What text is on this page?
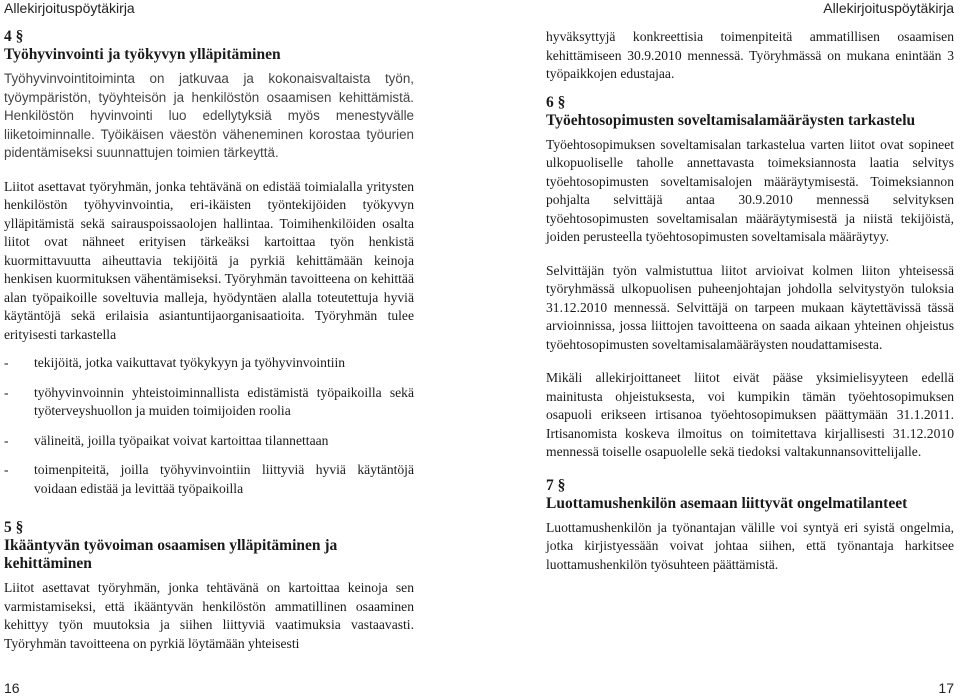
Allekirjoituspöytäkirja
4 §
Työhyvinvointi ja työkyvyn ylläpitäminen

Työhyvinvointitoiminta on jatkuvaa ja kokonaisvaltaista työn, työympäristön, työyhteisön ja henkilöstön osaamisen kehittämistä. Henkilöstön hyvinvointi luo edellytyksiä myös menestyvälle liiketoiminnalle. Työikäisen väestön väheneminen korostaa työurien pidentämiseksi suunnattujen toimien tärkeyttä.

Liitot asettavat työryhmän, jonka tehtävänä on edistää toimialalla yritysten henkilöstön työhyvinvointia, eri-ikäisten työntekijöiden työkyvyn ylläpitämistä sekä sairauspoissaolojen hallintaa. Toimihenkilöiden osalta liitot ovat nähneet erityisen tärkeäksi kartoittaa työn henkistä kuormittavuutta aiheuttavia tekijöitä ja pyrkiä kehittämään keinoja henkisen kuormituksen vähentämiseksi. Työryhmän tavoitteena on kehittää alan työpaikoille soveltuvia malleja, hyödyntäen alalla toteutettuja hyviä käytäntöjä sekä erilaisia asiantuntijaorganisaatioita. Työryhmän tulee erityisesti tarkastella

- tekijöitä, jotka vaikuttavat työkykyyn ja työhyvinvointiin
- työhyvinvoinnin yhteistoiminnallista edistämistä työpaikoilla sekä työterveyshuollon ja muiden toimijoiden roolia
- välineitä, joilla työpaikat voivat kartoittaa tilannettaan
- toimenpiteitä, joilla työhyvinvointiin liittyviä hyviä käytäntöjä voidaan edistää ja levittää työpaikoilla
5 §
Ikääntyvän työvoiman osaamisen ylläpitäminen ja kehittäminen

Liitot asettavat työryhmän, jonka tehtävänä on kartoittaa keinoja sen varmistamiseksi, että ikääntyvän henkilöstön ammatillinen osaaminen kehittyy työn muutoksia ja siihen liittyviä vaatimuksia vastaavasti. Työryhmän tavoitteena on pyrkiä löytämään yhteisesti

16
Allekirjoituspöytäkirja

hyväksyttyjä konkreettisia toimenpiteitä ammatillisen osaamisen kehittämiseen 30.9.2010 mennessä. Työryhmässä on mukana enintään 3 työpaikkojen edustajaa.

6 §
Työehtosopimusten soveltamisalamääräysten tarkastelu

Työehtosopimuksen soveltamisalan tarkastelua varten liitot ovat sopineet ulkopuoliselle taholle annettavasta toimeksiannosta laatia selvitys työehtosopimusten soveltamisalojen määräytymisestä. Toimeksiannon pohjalta selvittäjä antaa 30.9.2010 mennessä selvityksen työehtosopimusten soveltamisalan määräytymisestä ja niistä tekijöistä, joiden perusteella työehtosopimusten soveltamisala määräytyy.

Selvittäjän työn valmistuttua liitot arvioivat kolmen liiton yhteisessä työryhmässä ulkopuolisen puheenjohtajan johdolla selvitystyön tuloksia 31.12.2010 mennessä. Selvittäjä on tarpeen mukaan käytettävissä tässä arvioinnissa, jossa liittojen tavoitteena on saada aikaan yhteinen ohjeistus työehtosopimusten soveltamisalamääräysten noudattamisesta.

Mikäli allekirjoittaneet liitot eivät pääse yksimielisyyteen edellä mainitusta ohjeistuksesta, voi kumpikin tämän työehtosopimuksen osapuoli erikseen irtisanoa työehtosopimuksen päättymään 31.1.2011. Irtisanomista koskeva ilmoitus on toimitettava kirjallisesti 31.12.2010 mennessä toiselle osapuolelle sekä tiedoksi valtakunnansovittelijalle.

7 §
Luottamushenkilön asemaan liittyvät ongelmatilanteet

Luottamushenkilön ja työnantajan välille voi syntyä eri syistä ongelmia, jotka kirjistyessään voivat johtaa siihen, että työnantaja harkitsee luottamushenkilön työsuhteen päättämistä.

17
